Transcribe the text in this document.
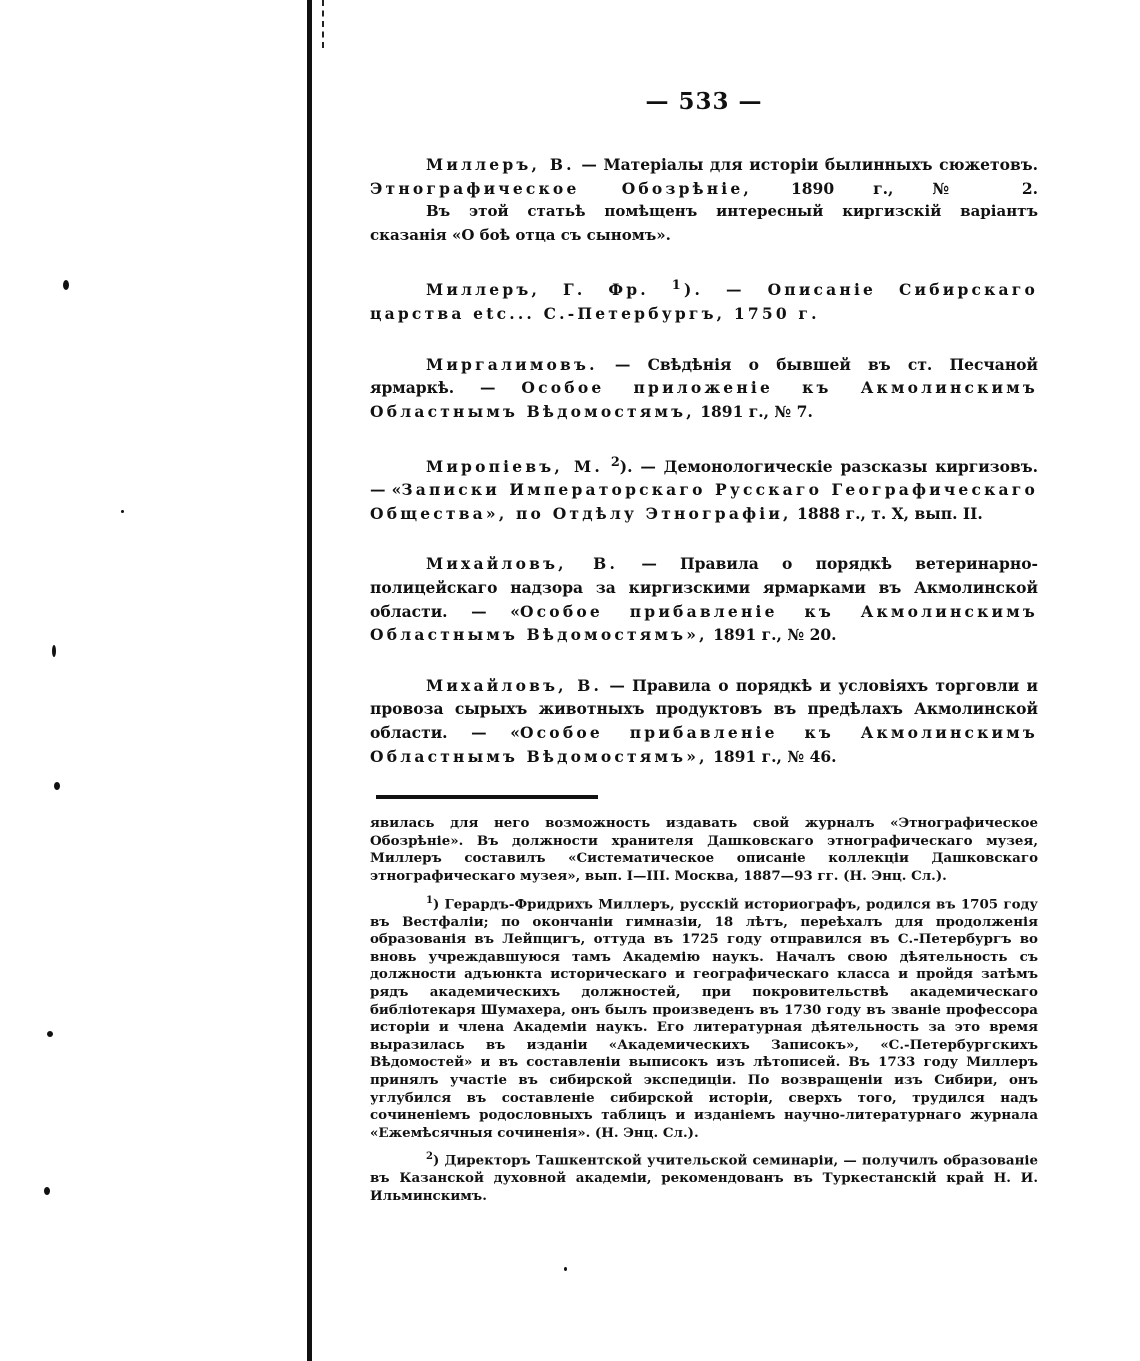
— 533 —

Миллеръ, В. — Матеріалы для исторіи былинныхъ сюжетовъ. Этнографическое Обозрѣніе, 1890 г., № 2.

Въ этой статьѣ помѣщенъ интересный киргизскій варіантъ сказанія «О боѣ отца съ сыномъ».

Миллеръ, Г. Фр. $^1$). — Описаніе Сибирскаго царства etc... С.-Петербургъ, 1750 г.

Миргалимовъ. — Свѣдѣнія о бывшей въ ст. Песчаной ярмаркѣ. — Особое приложеніе къ Акмолинскимъ Областнымъ Вѣдомостямъ, 1891 г., № 7.

Миропіевъ, М. $^2$). — Демонологическіе разсказы киргизовъ. — «Записки Императорскаго Русскаго Географическаго Общества», по Отдѣлу Этнографіи, 1888 г., т. X, вып. II.

Михайловъ, В. — Правила о порядкѣ ветеринарно-полицейскаго надзора за киргизскими ярмарками въ Акмолинской области. — «Особое прибавленіе къ Акмолинскимъ Областнымъ Вѣдомостямъ», 1891 г., № 20.

Михайловъ, В. — Правила о порядкѣ и условіяхъ торговли и провоза сырыхъ животныхъ продуктовъ въ предѣлахъ Акмолинской области. — «Особое прибавленіе къ Акмолинскимъ Областнымъ Вѣдомостямъ», 1891 г., № 46.

явилась для него возможность издавать свой журналъ «Этнографическое Обозрѣніе». Въ должности хранителя Дашковскаго этнографическаго музея, Миллеръ составилъ «Систематическое описаніе коллекціи Дашковскаго этнографическаго музея», вып. I—III. Москва, 1887—93 гг. (Н. Энц. Сл.).

$^1$) Герардъ-Фридрихъ Миллеръ, русскій историографъ, родился въ 1705 году въ Вестфаліи; по окончаніи гимназіи, 18 лѣтъ, переѣхалъ для продолженія образованія въ Лейпцигъ, оттуда въ 1725 году отправился въ С.-Петербургъ во вновь учреждавшуюся тамъ Академію наукъ. Началъ свою дѣятельность съ должности адъюнкта историческаго и географическаго класса и пройдя затѣмъ рядъ академическихъ должностей, при покровительствѣ академическаго библіотекаря Шумахера, онъ былъ произведенъ въ 1730 году въ званіе профессора исторіи и члена Академіи наукъ. Его литературная дѣятельность за это время выразилась въ изданіи «Академическихъ Записокъ», «С.-Петербургскихъ Вѣдомостей» и въ составленіи выписокъ изъ лѣтописей. Въ 1733 году Миллеръ принялъ участіе въ сибирской экспедиціи. По возвращеніи изъ Сибири, онъ углубился въ составленіе сибирской исторіи, сверхъ того, трудился надъ сочиненіемъ родословныхъ таблицъ и изданіемъ научно-литературнаго журнала «Ежемѣсячныя сочиненія». (Н. Энц. Сл.).

$^2$) Директоръ Ташкентской учительской семинаріи, — получилъ образованіе въ Казанской духовной академіи, рекомендованъ въ Туркестанскій край Н. И. Ильминскимъ.
